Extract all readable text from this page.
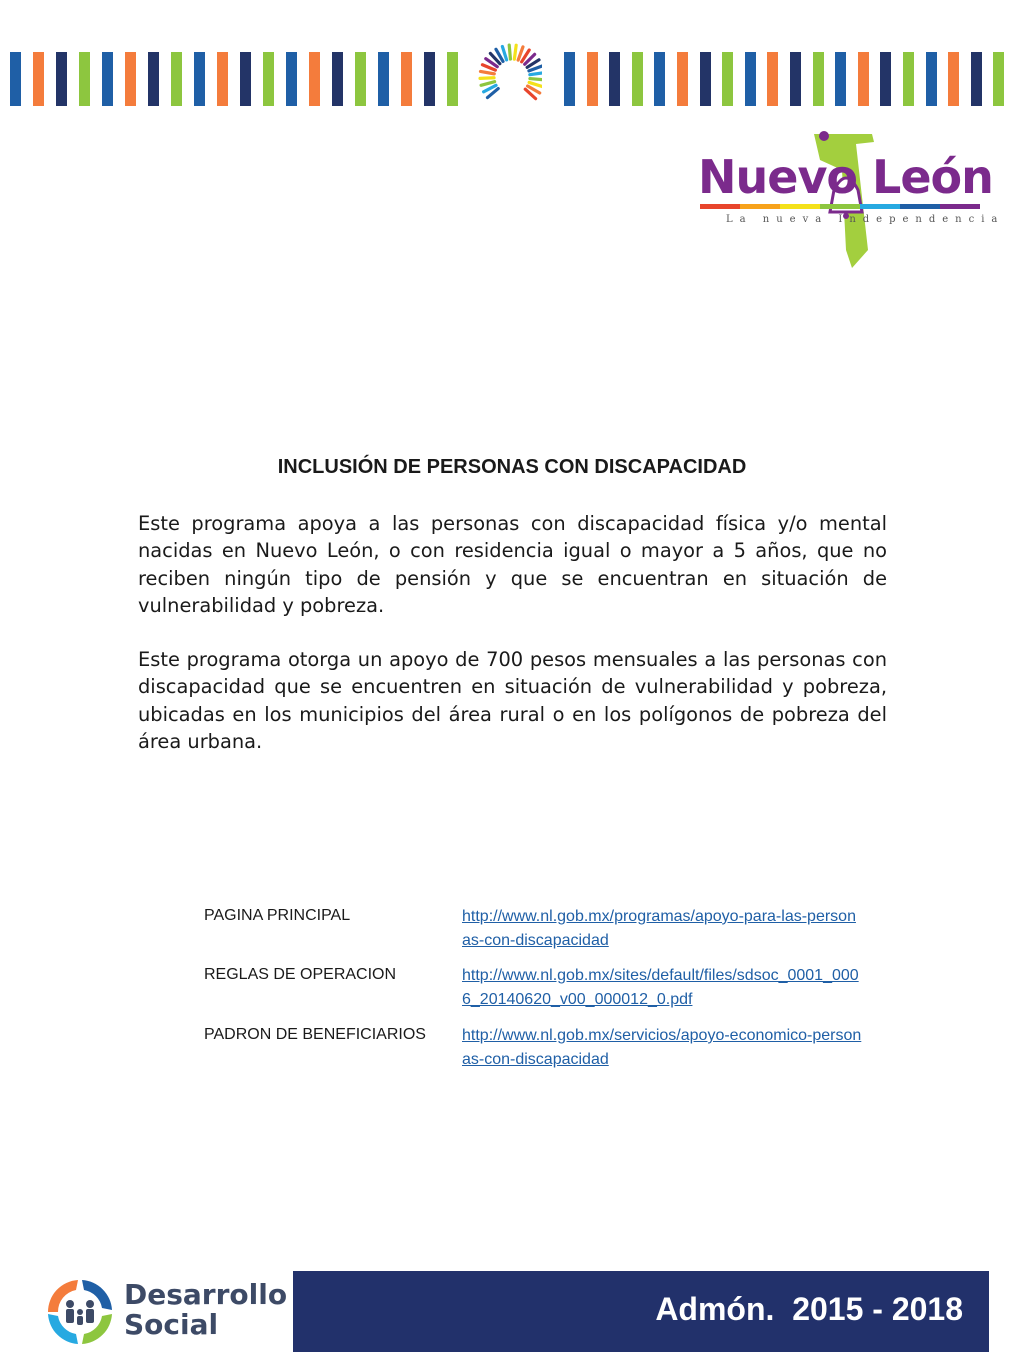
Nuevo León
La nueva Independencia
INCLUSIÓN DE PERSONAS CON DISCAPACIDAD
Este programa apoya a las personas con discapacidad física y/o mental nacidas en Nuevo León, o con residencia igual o mayor a 5 años, que no reciben ningún tipo de pensión y que se encuentran en situación de vulnerabilidad y pobreza.
Este programa otorga un apoyo de 700 pesos mensuales a las personas con discapacidad que se encuentren en situación de vulnerabilidad y pobreza, ubicadas en los municipios del área rural o en los polígonos de pobreza del área urbana.
PAGINA PRINCIPAL	http://www.nl.gob.mx/programas/apoyo-para-las-personas-con-discapacidad
REGLAS DE OPERACION	http://www.nl.gob.mx/sites/default/files/sdsoc_0001_0006_20140620_v00_000012_0.pdf
PADRON DE BENEFICIARIOS http://www.nl.gob.mx/servicios/apoyo-economico-personas-con-discapacidad
Desarrollo
Social	Admón.  2015 - 2018
